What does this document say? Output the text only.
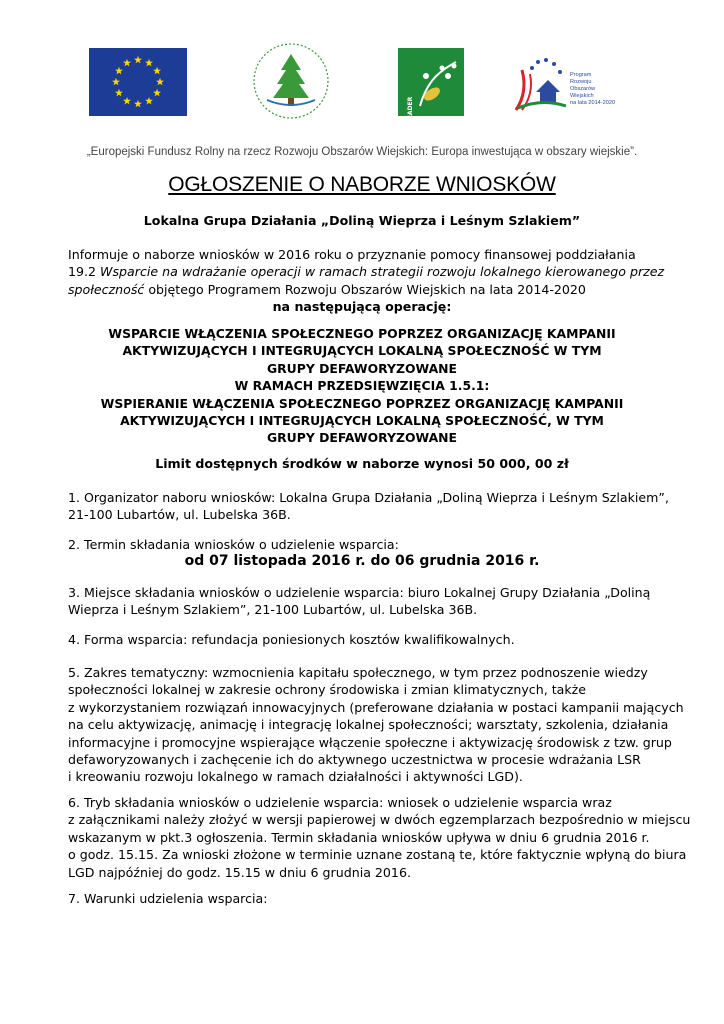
LEADER
Program
Rozwoju
Obszarów
Wiejskich
na lata 2014-2020
„Europejski Fundusz Rolny na rzecz Rozwoju Obszarów Wiejskich: Europa inwestująca w obszary wiejskie”.
OGŁOSZENIE O NABORZE WNIOSKÓW
Lokalna Grupa Działania „Doliną Wieprza i Leśnym Szlakiem”
Informuje o naborze wniosków w 2016 roku o przyznanie pomocy finansowej poddziałania
19.2 Wsparcie na wdrażanie operacji w ramach strategii rozwoju lokalnego kierowanego przez
społeczność objętego Programem Rozwoju Obszarów Wiejskich na lata 2014-2020
na następującą operację:
WSPARCIE WŁĄCZENIA SPOŁECZNEGO POPRZEZ ORGANIZACJĘ KAMPANII
AKTYWIZUJĄCYCH I INTEGRUJĄCYCH LOKALNĄ SPOŁECZNOŚĆ W TYM
GRUPY DEFAWORYZOWANE
W RAMACH PRZEDSIĘWZIĘCIA 1.5.1:
WSPIERANIE WŁĄCZENIA SPOŁECZNEGO POPRZEZ ORGANIZACJĘ KAMPANII
AKTYWIZUJĄCYCH I INTEGRUJĄCYCH LOKALNĄ SPOŁECZNOŚĆ, W TYM
GRUPY DEFAWORYZOWANE
Limit dostępnych środków w naborze wynosi 50 000, 00 zł
1. Organizator naboru wniosków: Lokalna Grupa Działania „Doliną Wieprza i Leśnym Szlakiem”,
21-100 Lubartów, ul. Lubelska 36B.
2. Termin składania wniosków o udzielenie wsparcia:
od 07 listopada 2016 r. do 06 grudnia 2016 r.
3. Miejsce składania wniosków o udzielenie wsparcia: biuro Lokalnej Grupy Działania „Doliną
Wieprza i Leśnym Szlakiem”, 21-100 Lubartów, ul. Lubelska 36B.
4. Forma wsparcia: refundacja poniesionych kosztów kwalifikowalnych.
5. Zakres tematyczny: wzmocnienia kapitału społecznego, w tym przez podnoszenie wiedzy
społeczności lokalnej w zakresie ochrony środowiska i zmian klimatycznych, także
z wykorzystaniem rozwiązań innowacyjnych (preferowane działania w postaci kampanii mających
na celu aktywizację, animację i integrację lokalnej społeczności; warsztaty, szkolenia, działania
informacyjne i promocyjne wspierające włączenie społeczne i aktywizację środowisk z tzw. grup
defaworyzowanych i zachęcenie ich do aktywnego uczestnictwa w procesie wdrażania LSR
i kreowaniu rozwoju lokalnego w ramach działalności i aktywności LGD).
6. Tryb składania wniosków o udzielenie wsparcia: wniosek o udzielenie wsparcia wraz
z załącznikami należy złożyć w wersji papierowej w dwóch egzemplarzach bezpośrednio w miejscu
wskazanym w pkt.3 ogłoszenia. Termin składania wniosków upływa w dniu 6 grudnia 2016 r.
o godz. 15.15. Za wnioski złożone w terminie uznane zostaną te, które faktycznie wpłyną do biura
LGD najpóźniej do godz. 15.15 w dniu 6 grudnia 2016.
7. Warunki udzielenia wsparcia:
